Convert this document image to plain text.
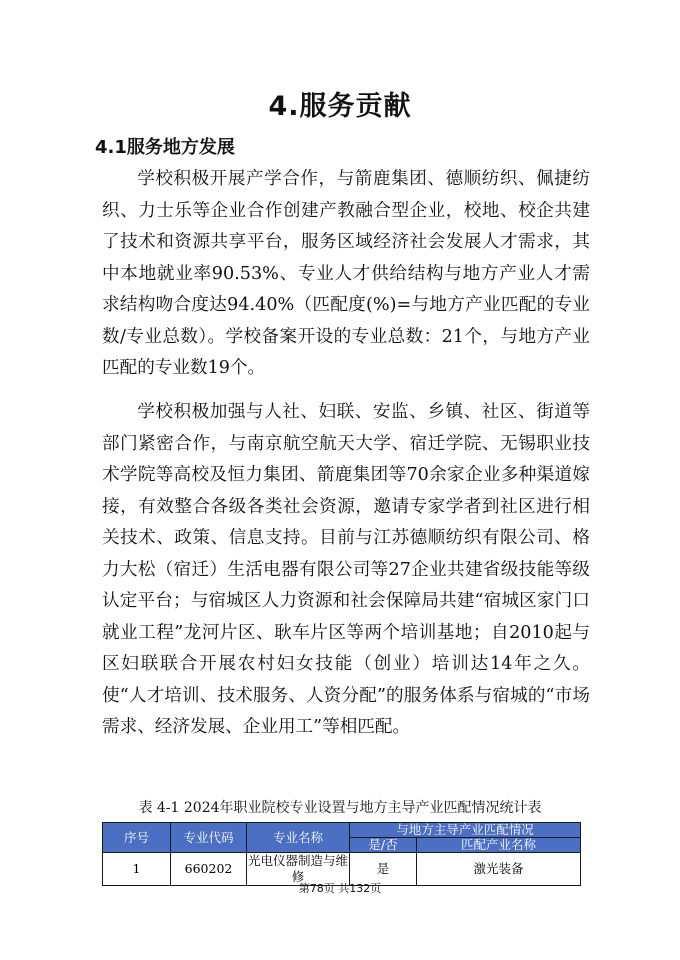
4.服务贡献
4.1服务地方发展

学校积极开展产学合作，与箭鹿集团、德顺纺织、佩捷纺织、力士乐等企业合作创建产教融合型企业，校地、校企共建了技术和资源共享平台，服务区域经济社会发展人才需求，其中本地就业率90.53%、专业人才供给结构与地方产业人才需求结构吻合度达94.40%（匹配度(%)=与地方产业匹配的专业数/专业总数）。学校备案开设的专业总数：21个，与地方产业匹配的专业数19个。

学校积极加强与人社、妇联、安监、乡镇、社区、街道等部门紧密合作，与南京航空航天大学、宿迁学院、无锡职业技术学院等高校及恒力集团、箭鹿集团等70余家企业多种渠道嫁接，有效整合各级各类社会资源，邀请专家学者到社区进行相关技术、政策、信息支持。目前与江苏德顺纺织有限公司、格力大松（宿迁）生活电器有限公司等27企业共建省级技能等级认定平台；与宿城区人力资源和社会保障局共建“宿城区家门口就业工程”龙河片区、耿车片区等两个培训基地；自2010起与区妇联联合开展农村妇女技能（创业）培训达14年之久。使“人才培训、技术服务、人资分配”的服务体系与宿城的“市场需求、经济发展、企业用工”等相匹配。

表 4-1 2024年职业院校专业设置与地方主导产业匹配情况统计表
序号	专业代码	专业名称	与地方主导产业匹配情况	
			是/否	匹配产业名称
1	660202	光电仪器制造与维修	是	激光装备
第78页 共132页
